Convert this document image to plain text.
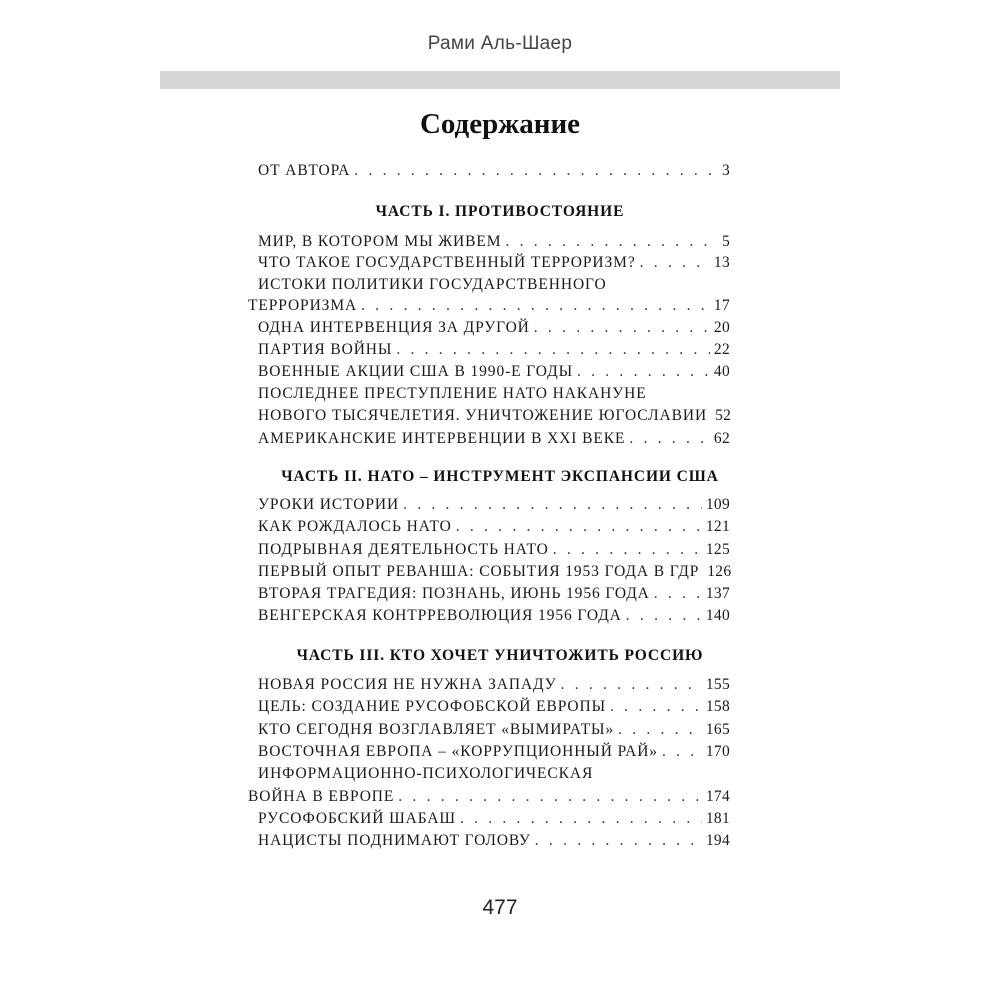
Рами Аль-Шаер
Содержание
ОТ АВТОРА . . .	3
ЧАСТЬ I. ПРОТИВОСТОЯНИЕ
МИР, В КОТОРОМ МЫ ЖИВЕМ . . .	5
ЧТО ТАКОЕ ГОСУДАРСТВЕННЫЙ ТЕРРОРИЗМ? . . .	13
ИСТОКИ ПОЛИТИКИ ГОСУДАРСТВЕННОГО
ТЕРРОРИЗМА . . .	17
ОДНА ИНТЕРВЕНЦИЯ ЗА ДРУГОЙ . . .	20
ПАРТИЯ ВОЙНЫ . . .	22
ВОЕННЫЕ АКЦИИ США В 1990-Е ГОДЫ . . .	40
ПОСЛЕДНЕЕ ПРЕСТУПЛЕНИЕ НАТО НАКАНУНЕ
НОВОГО ТЫСЯЧЕЛЕТИЯ. УНИЧТОЖЕНИЕ ЮГОСЛАВИИ 52
АМЕРИКАНСКИЕ ИНТЕРВЕНЦИИ В XXI ВЕКЕ . . .	62
ЧАСТЬ II. НАТО – ИНСТРУМЕНТ ЭКСПАНСИИ США
УРОКИ ИСТОРИИ . . .	109
КАК РОЖДАЛОСЬ НАТО . . .	121
ПОДРЫВНАЯ ДЕЯТЕЛЬНОСТЬ НАТО . . .	125
ПЕРВЫЙ ОПЫТ РЕВАНША: СОБЫТИЯ 1953 ГОДА В ГДР 126
ВТОРАЯ ТРАГЕДИЯ: ПОЗНАНЬ, ИЮНЬ 1956 ГОДА . . .	137
ВЕНГЕРСКАЯ КОНТРРЕВОЛЮЦИЯ 1956 ГОДА . . .	140
ЧАСТЬ III. КТО ХОЧЕТ УНИЧТОЖИТЬ РОССИЮ
НОВАЯ РОССИЯ НЕ НУЖНА ЗАПАДУ . . .	155
ЦЕЛЬ: СОЗДАНИЕ РУСОФОБСКОЙ ЕВРОПЫ . . .	158
КТО СЕГОДНЯ ВОЗГЛАВЛЯЕТ «ВЫМИРАТЫ» . . .	165
ВОСТОЧНАЯ ЕВРОПА – «КОРРУПЦИОННЫЙ РАЙ» . . .	170
ИНФОРМАЦИОННО-ПСИХОЛОГИЧЕСКАЯ
ВОЙНА В ЕВРОПЕ . . .	174
РУСОФОБСКИЙ ШАБАШ . . .	181
НАЦИСТЫ ПОДНИМАЮТ ГОЛОВУ . . .	194
477
